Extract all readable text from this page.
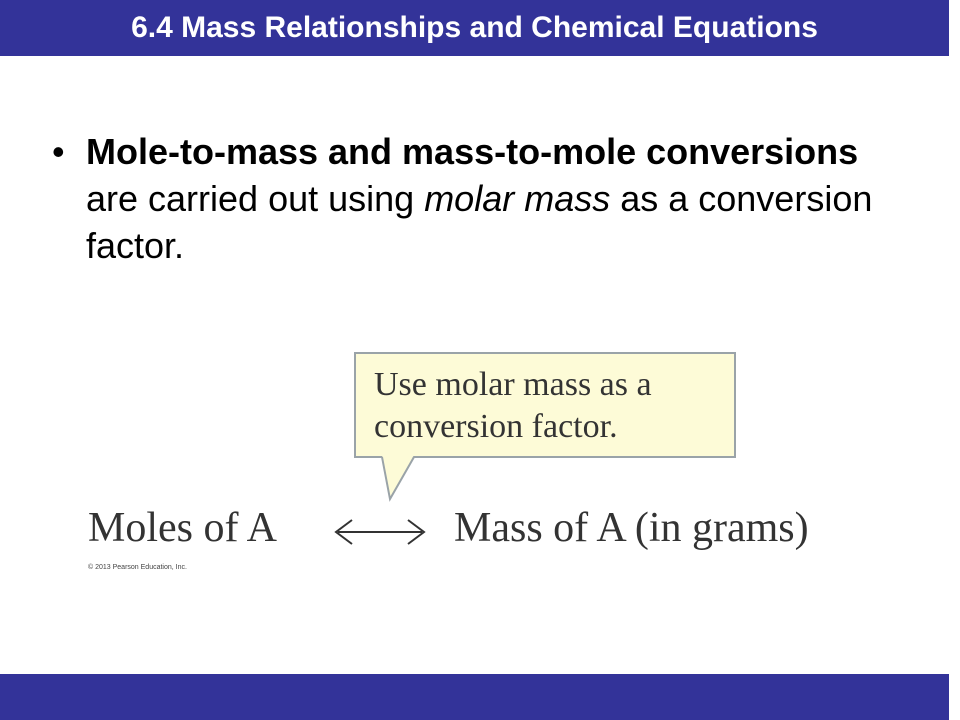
6.4 Mass Relationships and Chemical Equations
• Mole-to-mass and mass-to-mole conversions are carried out using molar mass as a conversion factor.
Use molar mass as a conversion factor.
Moles of A	Mass of A (in grams)
© 2013 Pearson Education, Inc.
